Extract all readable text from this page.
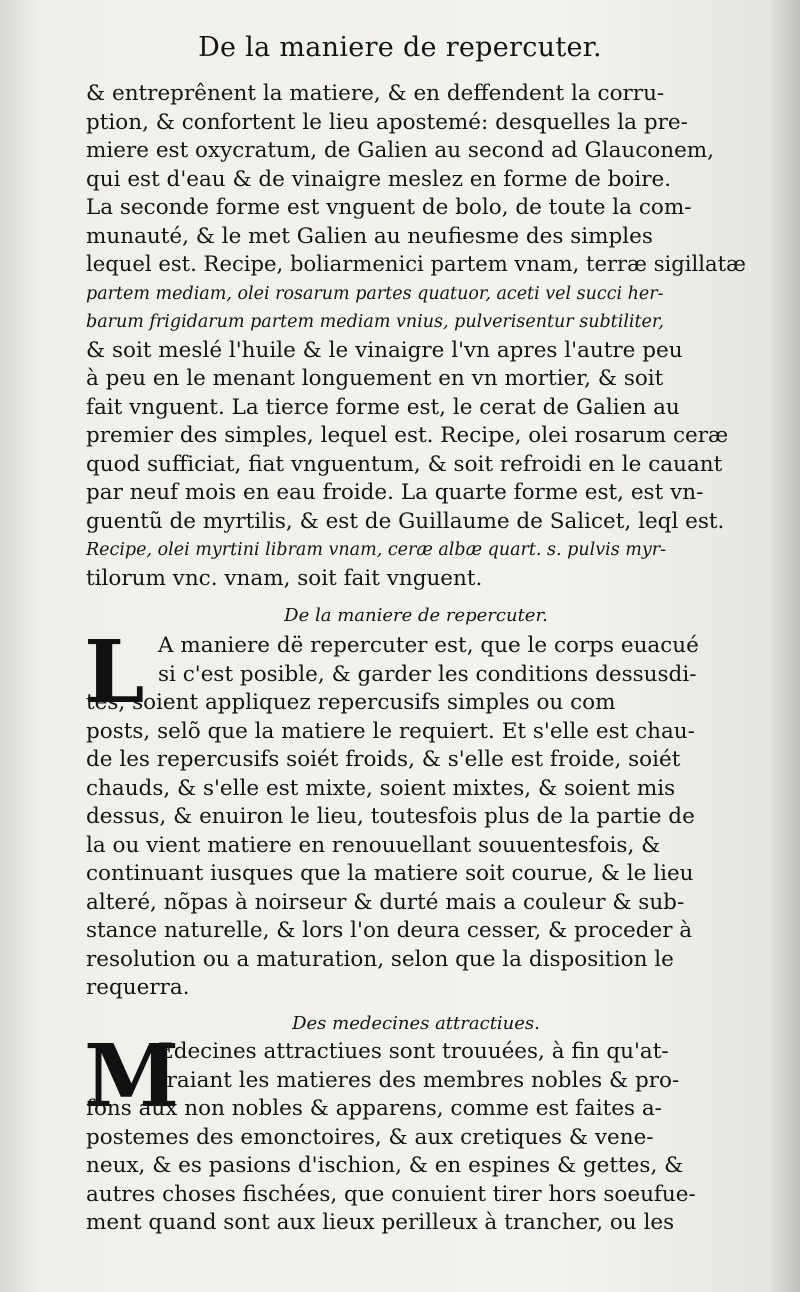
De la maniere de repercuter.
& entreprênent la matiere, & en deffendent la corru-
ption, & confortent le lieu apostemé: desquelles la pre-
miere est oxycratum, de Galien au second ad Glauconem,
qui est d'eau & de vinaigre meslez en forme de boire.
La seconde forme est vnguent de bolo, de toute la com-
munauté, & le met Galien au neufiesme des simples
lequel est. Recipe, boliarmenici partem vnam, terræ sigillatæ
partem mediam, olei rosarum partes quatuor, aceti vel succi her-
barum frigidarum partem mediam vnius, pulverisentur subtiliter,
& soit meslé l'huile & le vinaigre l'vn apres l'autre peu
à peu en le menant longuement en vn mortier, & soit
fait vnguent. La tierce forme est, le cerat de Galien au
premier des simples, lequel est. Recipe, olei rosarum ceræ
quod sufficiat, fiat vnguentum, & soit refroidi en le cauant
par neuf mois en eau froide. La quarte forme est, est vn-
guentũ de myrtilis, & est de Guillaume de Salicet, leql est.
Recipe, olei myrtini libram vnam, ceræ albæ quart. s. pulvis myr-
tilorum vnc. vnam, soit fait vnguent.
De la maniere de repercuter.
L A maniere dë repercuter est, que le corps euacué
si c'est posible, & garder les conditions dessusdi-
tes, soient appliquez repercusifs simples ou com
posts, selõ que la matiere le requiert. Et s'elle est chau-
de les repercusifs soiét froids, & s'elle est froide, soiét
chauds, & s'elle est mixte, soient mixtes, & soient mis
dessus, & enuiron le lieu, toutesfois plus de la partie de
la ou vient matiere en renouuellant souuentesfois, &
continuant iusques que la matiere soit courue, & le lieu
alteré, nõpas à noirseur & durté mais a couleur & sub-
stance naturelle, & lors l'on deura cesser, & proceder à
resolution ou a maturation, selon que la disposition le
requerra.
Des medecines attractiues.
M
Edecines attractiues sont trouuées, à fin qu'at-
traiant les matieres des membres nobles & pro-
fons aux non nobles & apparens, comme est faites a-
postemes des emonctoires, & aux cretiques & vene-
neux, & es pasions d'ischion, & en espines & gettes, &
autres choses fischées, que conuient tirer hors soeufue-
ment quand sont aux lieux perilleux à trancher, ou les
